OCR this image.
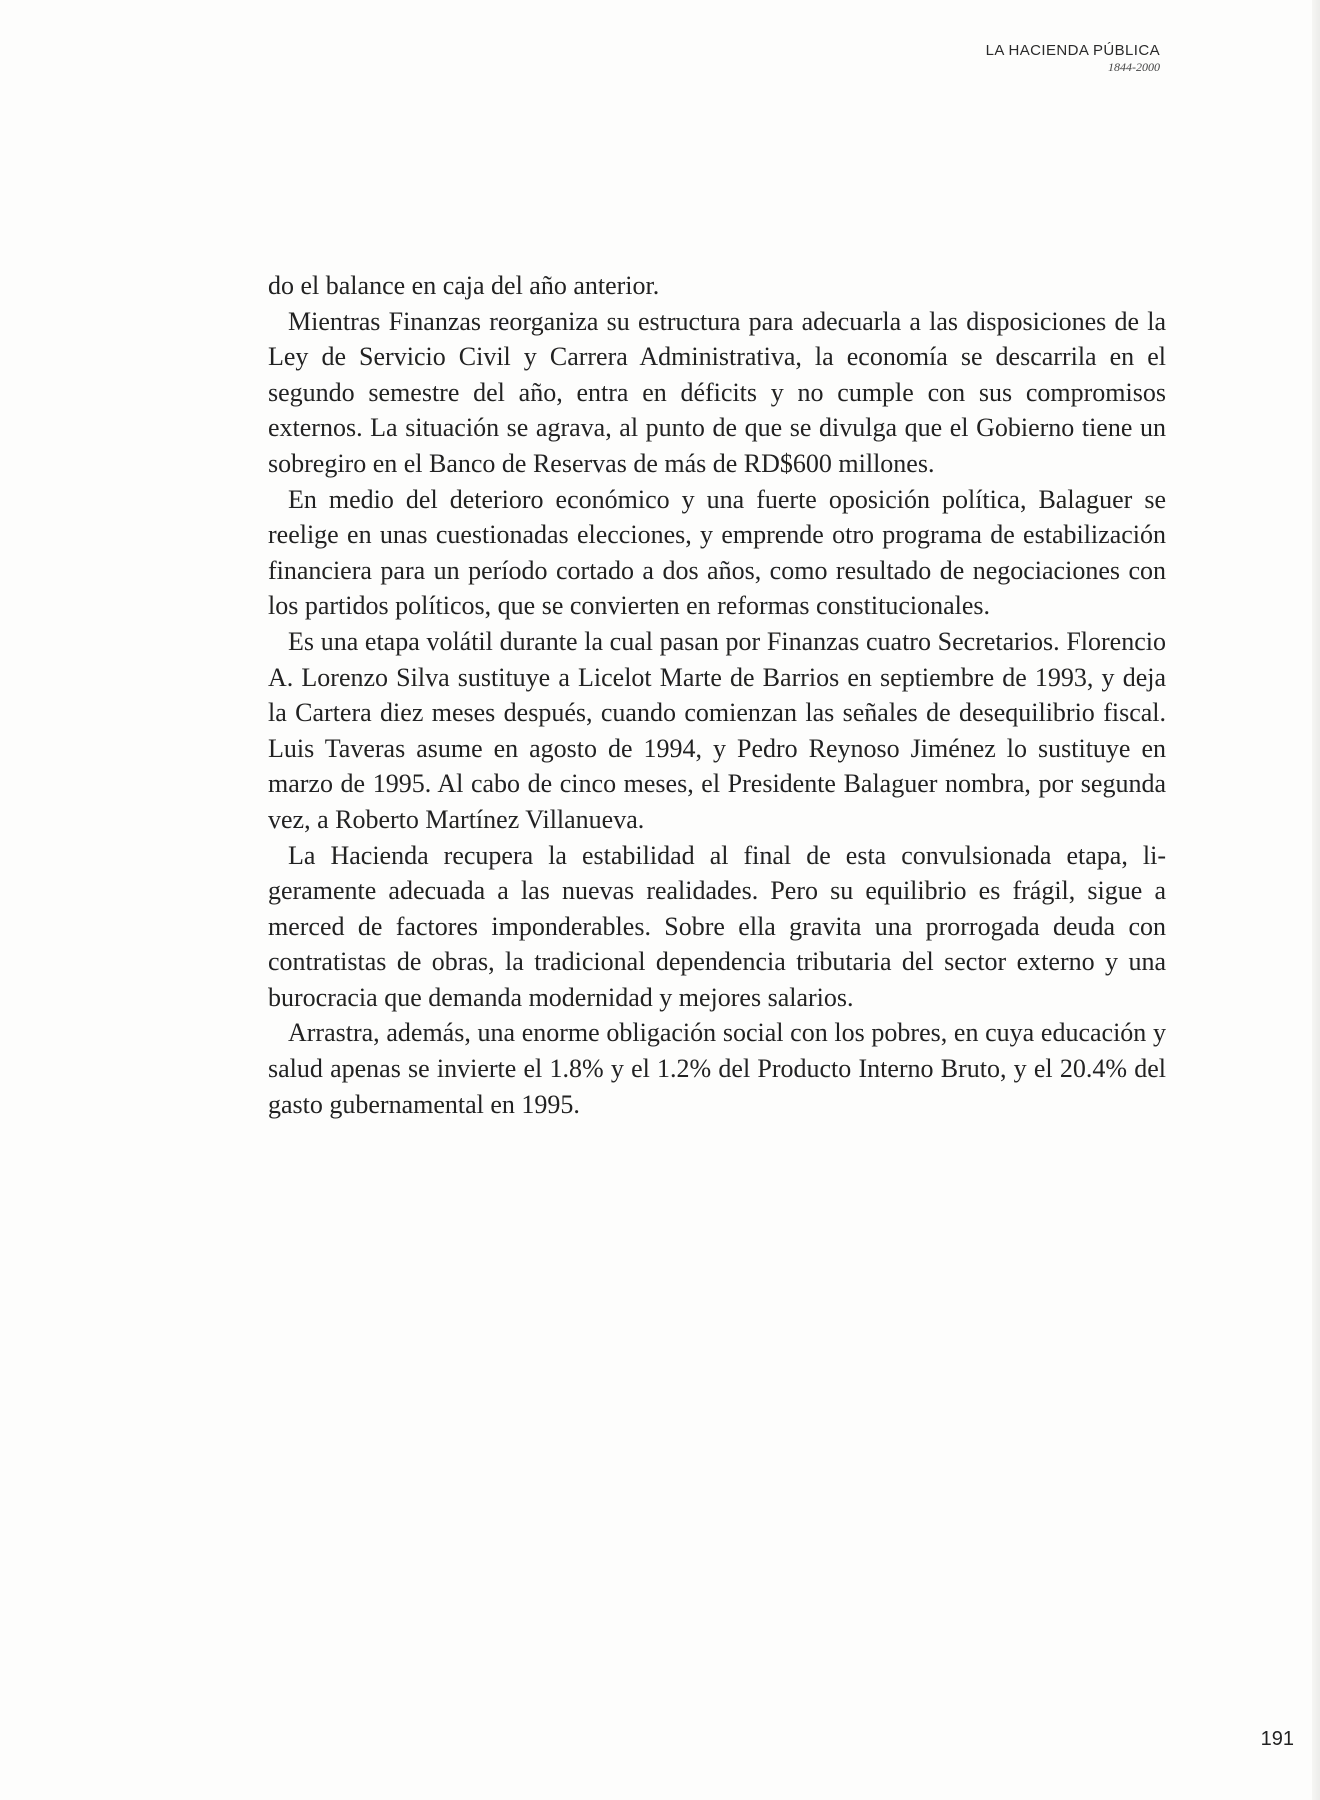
LA HACIENDA PÚBLICA
1844-2000

do el balance en caja del año anterior.

Mientras Finanzas reorganiza su estructura para adecuarla a las disposiciones de la Ley de Servicio Civil y Carrera Administrativa, la economía se descarrila en el segundo semestre del año, entra en déficits y no cumple con sus compromisos externos. La situación se agrava, al punto de que se divulga que el Gobierno tiene un sobregiro en el Banco de Reservas de más de RD$600 millones.

En medio del deterioro económico y una fuerte oposición política, Balaguer se reelige en unas cuestionadas elecciones, y emprende otro programa de estabilización financiera para un período cortado a dos años, como resultado de negociaciones con los partidos políticos, que se convierten en reformas constitucionales.

Es una etapa volátil durante la cual pasan por Finanzas cuatro Secretarios. Florencio A. Lorenzo Silva sustituye a Licelot Marte de Barrios en septiembre de 1993, y deja la Cartera diez meses después, cuando comienzan las señales de desequilibrio fiscal. Luis Taveras asume en agosto de 1994, y Pedro Reynoso Jiménez lo sustituye en marzo de 1995. Al cabo de cinco meses, el Presidente Balaguer nombra, por segunda vez, a Roberto Martínez Villanueva.

La Hacienda recupera la estabilidad al final de esta convulsionada etapa, ligeramente adecuada a las nuevas realidades. Pero su equilibrio es frágil, sigue a merced de factores imponderables. Sobre ella gravita una prorrogada deuda con contratistas de obras, la tradicional dependencia tributaria del sector externo y una burocracia que demanda modernidad y mejores salarios.

Arrastra, además, una enorme obligación social con los pobres, en cuya educación y salud apenas se invierte el 1.8% y el 1.2% del Producto Interno Bruto, y el 20.4% del gasto gubernamental en 1995.

191
